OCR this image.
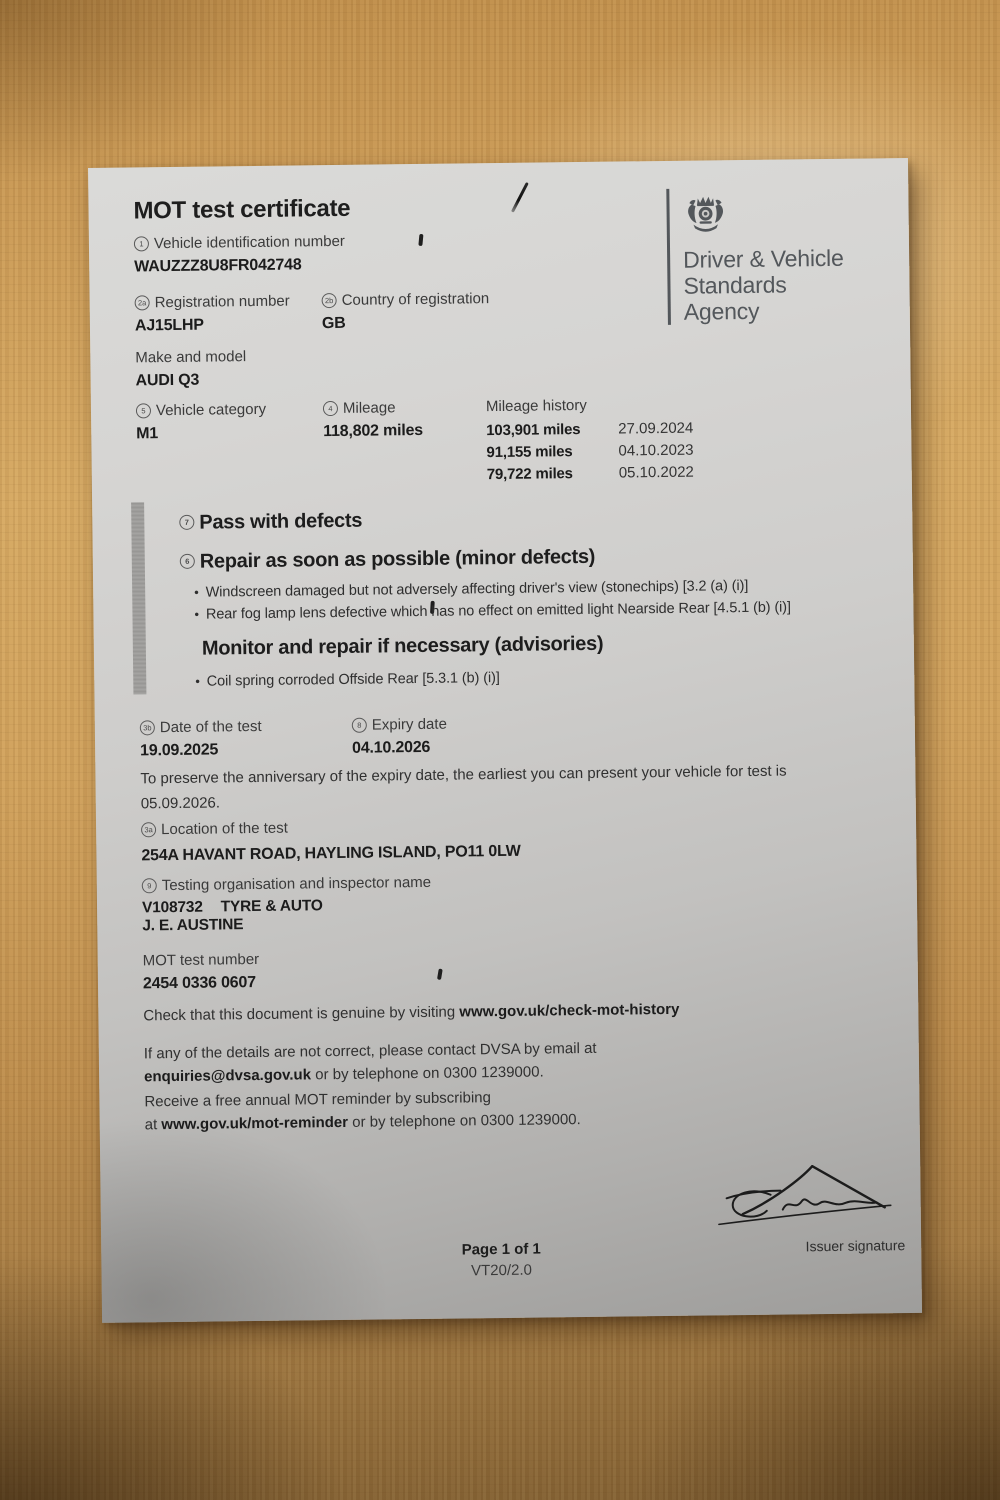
Driver & Vehicle
Standards
Agency
MOT test certificate
1 Vehicle identification number
WAUZZZ8U8FR042748
2a Registration number
AJ15LHP
2b Country of registration
GB
Make and model
AUDI Q3
5 Vehicle category
M1
4 Mileage
118,802 miles
Mileage history
103,901 miles	27.09.2024
91,155 miles	04.10.2023
79,722 miles	05.10.2022
7 Pass with defects
6 Repair as soon as possible (minor defects)
• Windscreen damaged but not adversely affecting driver's view (stonechips) [3.2 (a) (i)]
• Rear fog lamp lens defective which has no effect on emitted light Nearside Rear [4.5.1 (b) (i)]
Monitor and repair if necessary (advisories)
• Coil spring corroded Offside Rear [5.3.1 (b) (i)]
3b Date of the test
19.09.2025
8 Expiry date
04.10.2026
To preserve the anniversary of the expiry date, the earliest you can present your vehicle for test is 05.09.2026.
3a Location of the test
254A HAVANT ROAD, HAYLING ISLAND, PO11 0LW
9 Testing organisation and inspector name
V108732 TYRE & AUTO
J. E. AUSTINE
MOT test number
2454 0336 0607
Check that this document is genuine by visiting www.gov.uk/check-mot-history
If any of the details are not correct, please contact DVSA by email at
enquiries@dvsa.gov.uk or by telephone on 0300 1239000.
Receive a free annual MOT reminder by subscribing
at www.gov.uk/mot-reminder or by telephone on 0300 1239000.
Issuer signature
Page 1 of 1
VT20/2.0
